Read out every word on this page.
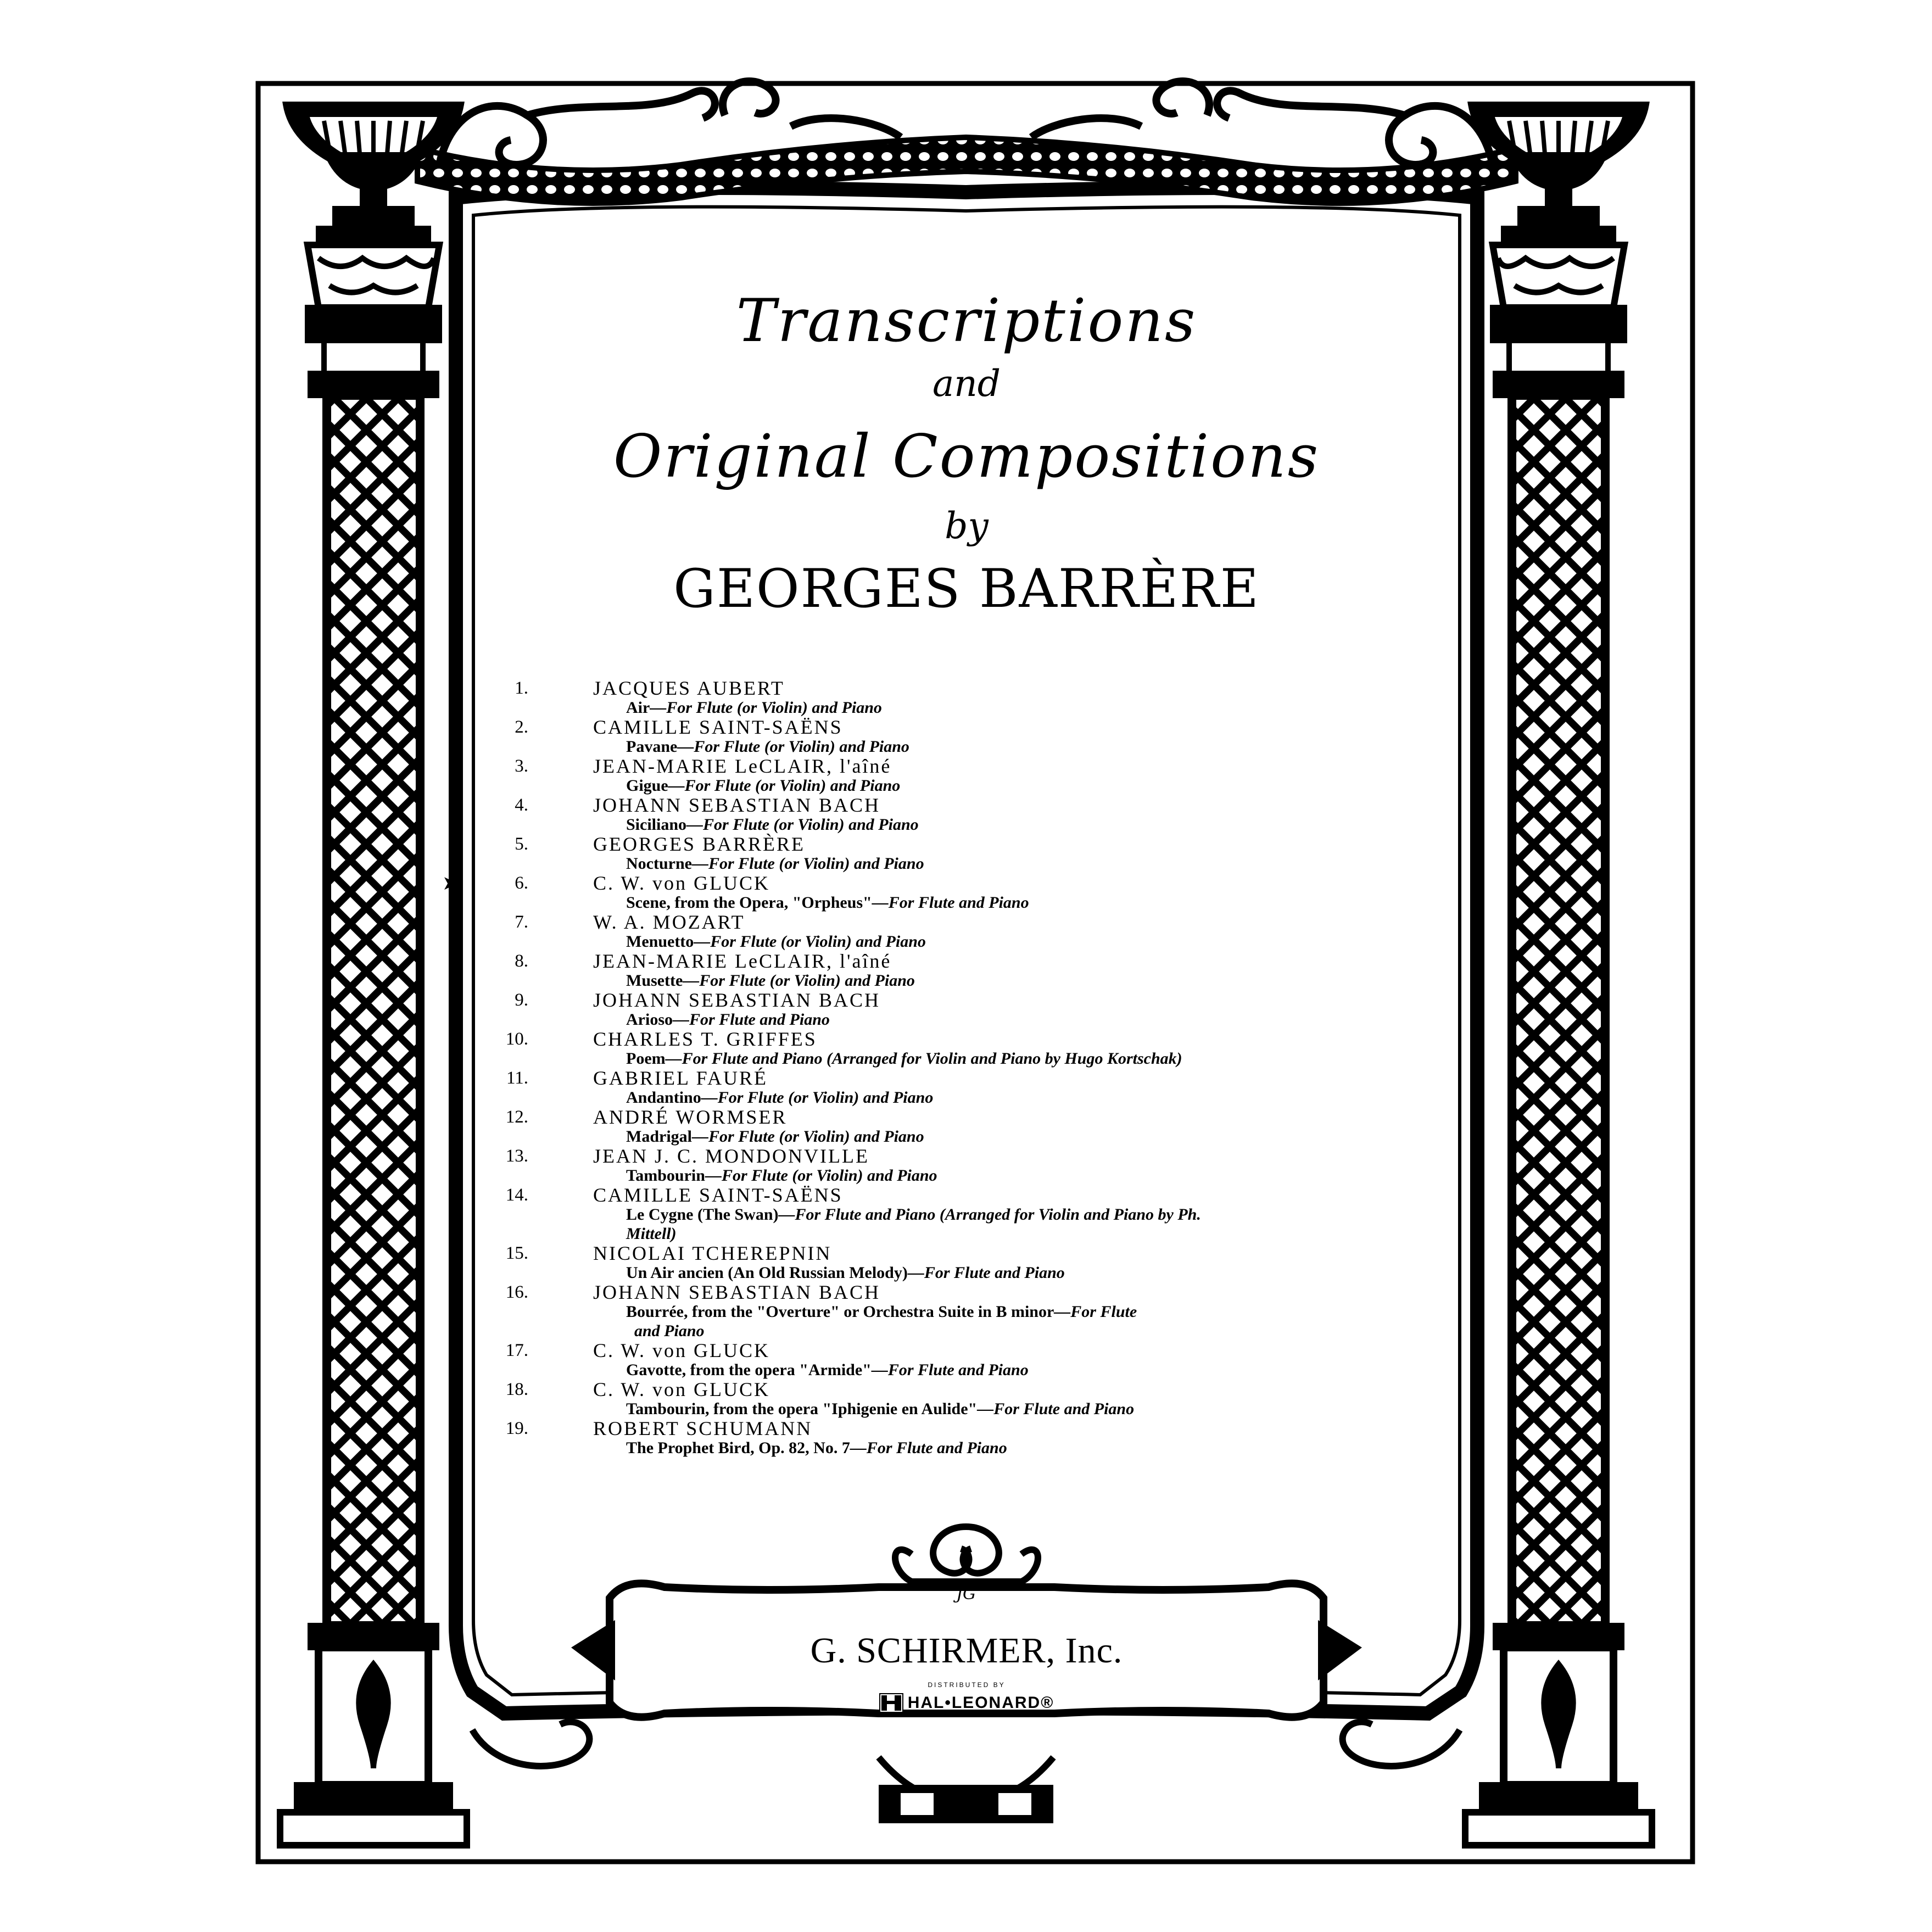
JG
Transcriptions
and
Original Compositions
by
GEORGES BARRÈRE
1.	JACQUES AUBERT
Air—For Flute (or Violin) and Piano
2.	CAMILLE SAINT-SAËNS
Pavane—For Flute (or Violin) and Piano
3.	JEAN-MARIE LeCLAIR, l'aîné
Gigue—For Flute (or Violin) and Piano
4.	JOHANN SEBASTIAN BACH
Siciliano—For Flute (or Violin) and Piano
5.	GEORGES BARRÈRE
Nocturne—For Flute (or Violin) and Piano
➤	6.	C. W. von GLUCK
Scene, from the Opera, "Orpheus"—For Flute and Piano
7.	W. A. MOZART
Menuetto—For Flute (or Violin) and Piano
8.	JEAN-MARIE LeCLAIR, l'aîné
Musette—For Flute (or Violin) and Piano
9.	JOHANN SEBASTIAN BACH
Arioso—For Flute and Piano
10.	CHARLES T. GRIFFES
Poem—For Flute and Piano (Arranged for Violin and Piano by Hugo Kortschak)
11.	GABRIEL FAURÉ
Andantino—For Flute (or Violin) and Piano
12.	ANDRÉ WORMSER
Madrigal—For Flute (or Violin) and Piano
13.	JEAN J. C. MONDONVILLE
Tambourin—For Flute (or Violin) and Piano
14.	CAMILLE SAINT-SAËNS
Le Cygne (The Swan)—For Flute and Piano (Arranged for Violin and Piano by Ph.
Mittell)
15.	NICOLAI TCHEREPNIN
Un Air ancien (An Old Russian Melody)—For Flute and Piano
16.	JOHANN SEBASTIAN BACH
Bourrée, from the "Overture" or Orchestra Suite in B minor—For Flute
and Piano
17.	C. W. von GLUCK
Gavotte, from the opera "Armide"—For Flute and Piano
18.	C. W. von GLUCK
Tambourin, from the opera "Iphigenie en Aulide"—For Flute and Piano
19.	ROBERT SCHUMANN
The Prophet Bird, Op. 82, No. 7—For Flute and Piano
G. SCHIRMER, Inc.
DISTRIBUTED BY
HAL•LEONARD®
